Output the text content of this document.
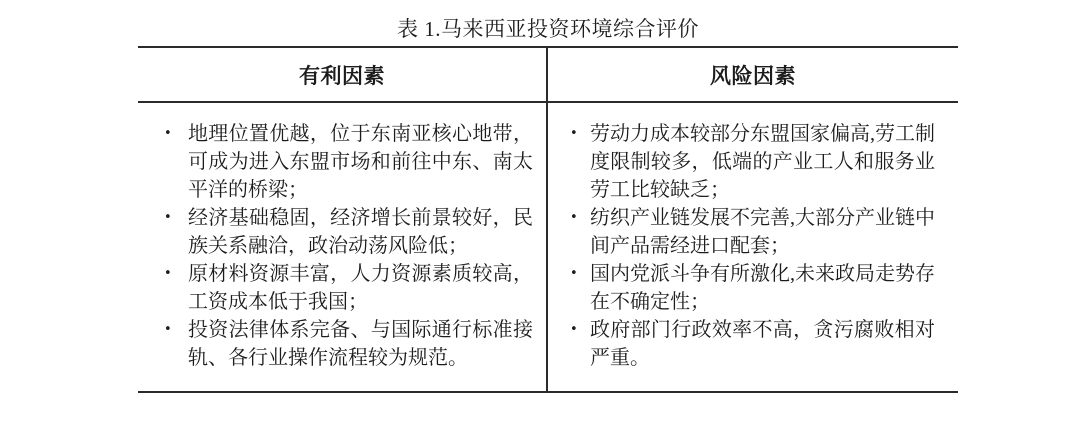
表 1.马来西亚投资环境综合评价
有利因素	风险因素
• 地理位置优越，位于东南亚核心地带，可成为进入东盟市场和前往中东、南太平洋的桥梁；
• 经济基础稳固，经济增长前景较好，民族关系融洽，政治动荡风险低；
• 原材料资源丰富，人力资源素质较高，工资成本低于我国；
• 投资法律体系完备、与国际通行标准接轨、各行业操作流程较为规范。
• 劳动力成本较部分东盟国家偏高,劳工制度限制较多，低端的产业工人和服务业劳工比较缺乏；
• 纺织产业链发展不完善,大部分产业链中间产品需经进口配套；
• 国内党派斗争有所激化,未来政局走势存在不确定性；
• 政府部门行政效率不高，贪污腐败相对严重。
